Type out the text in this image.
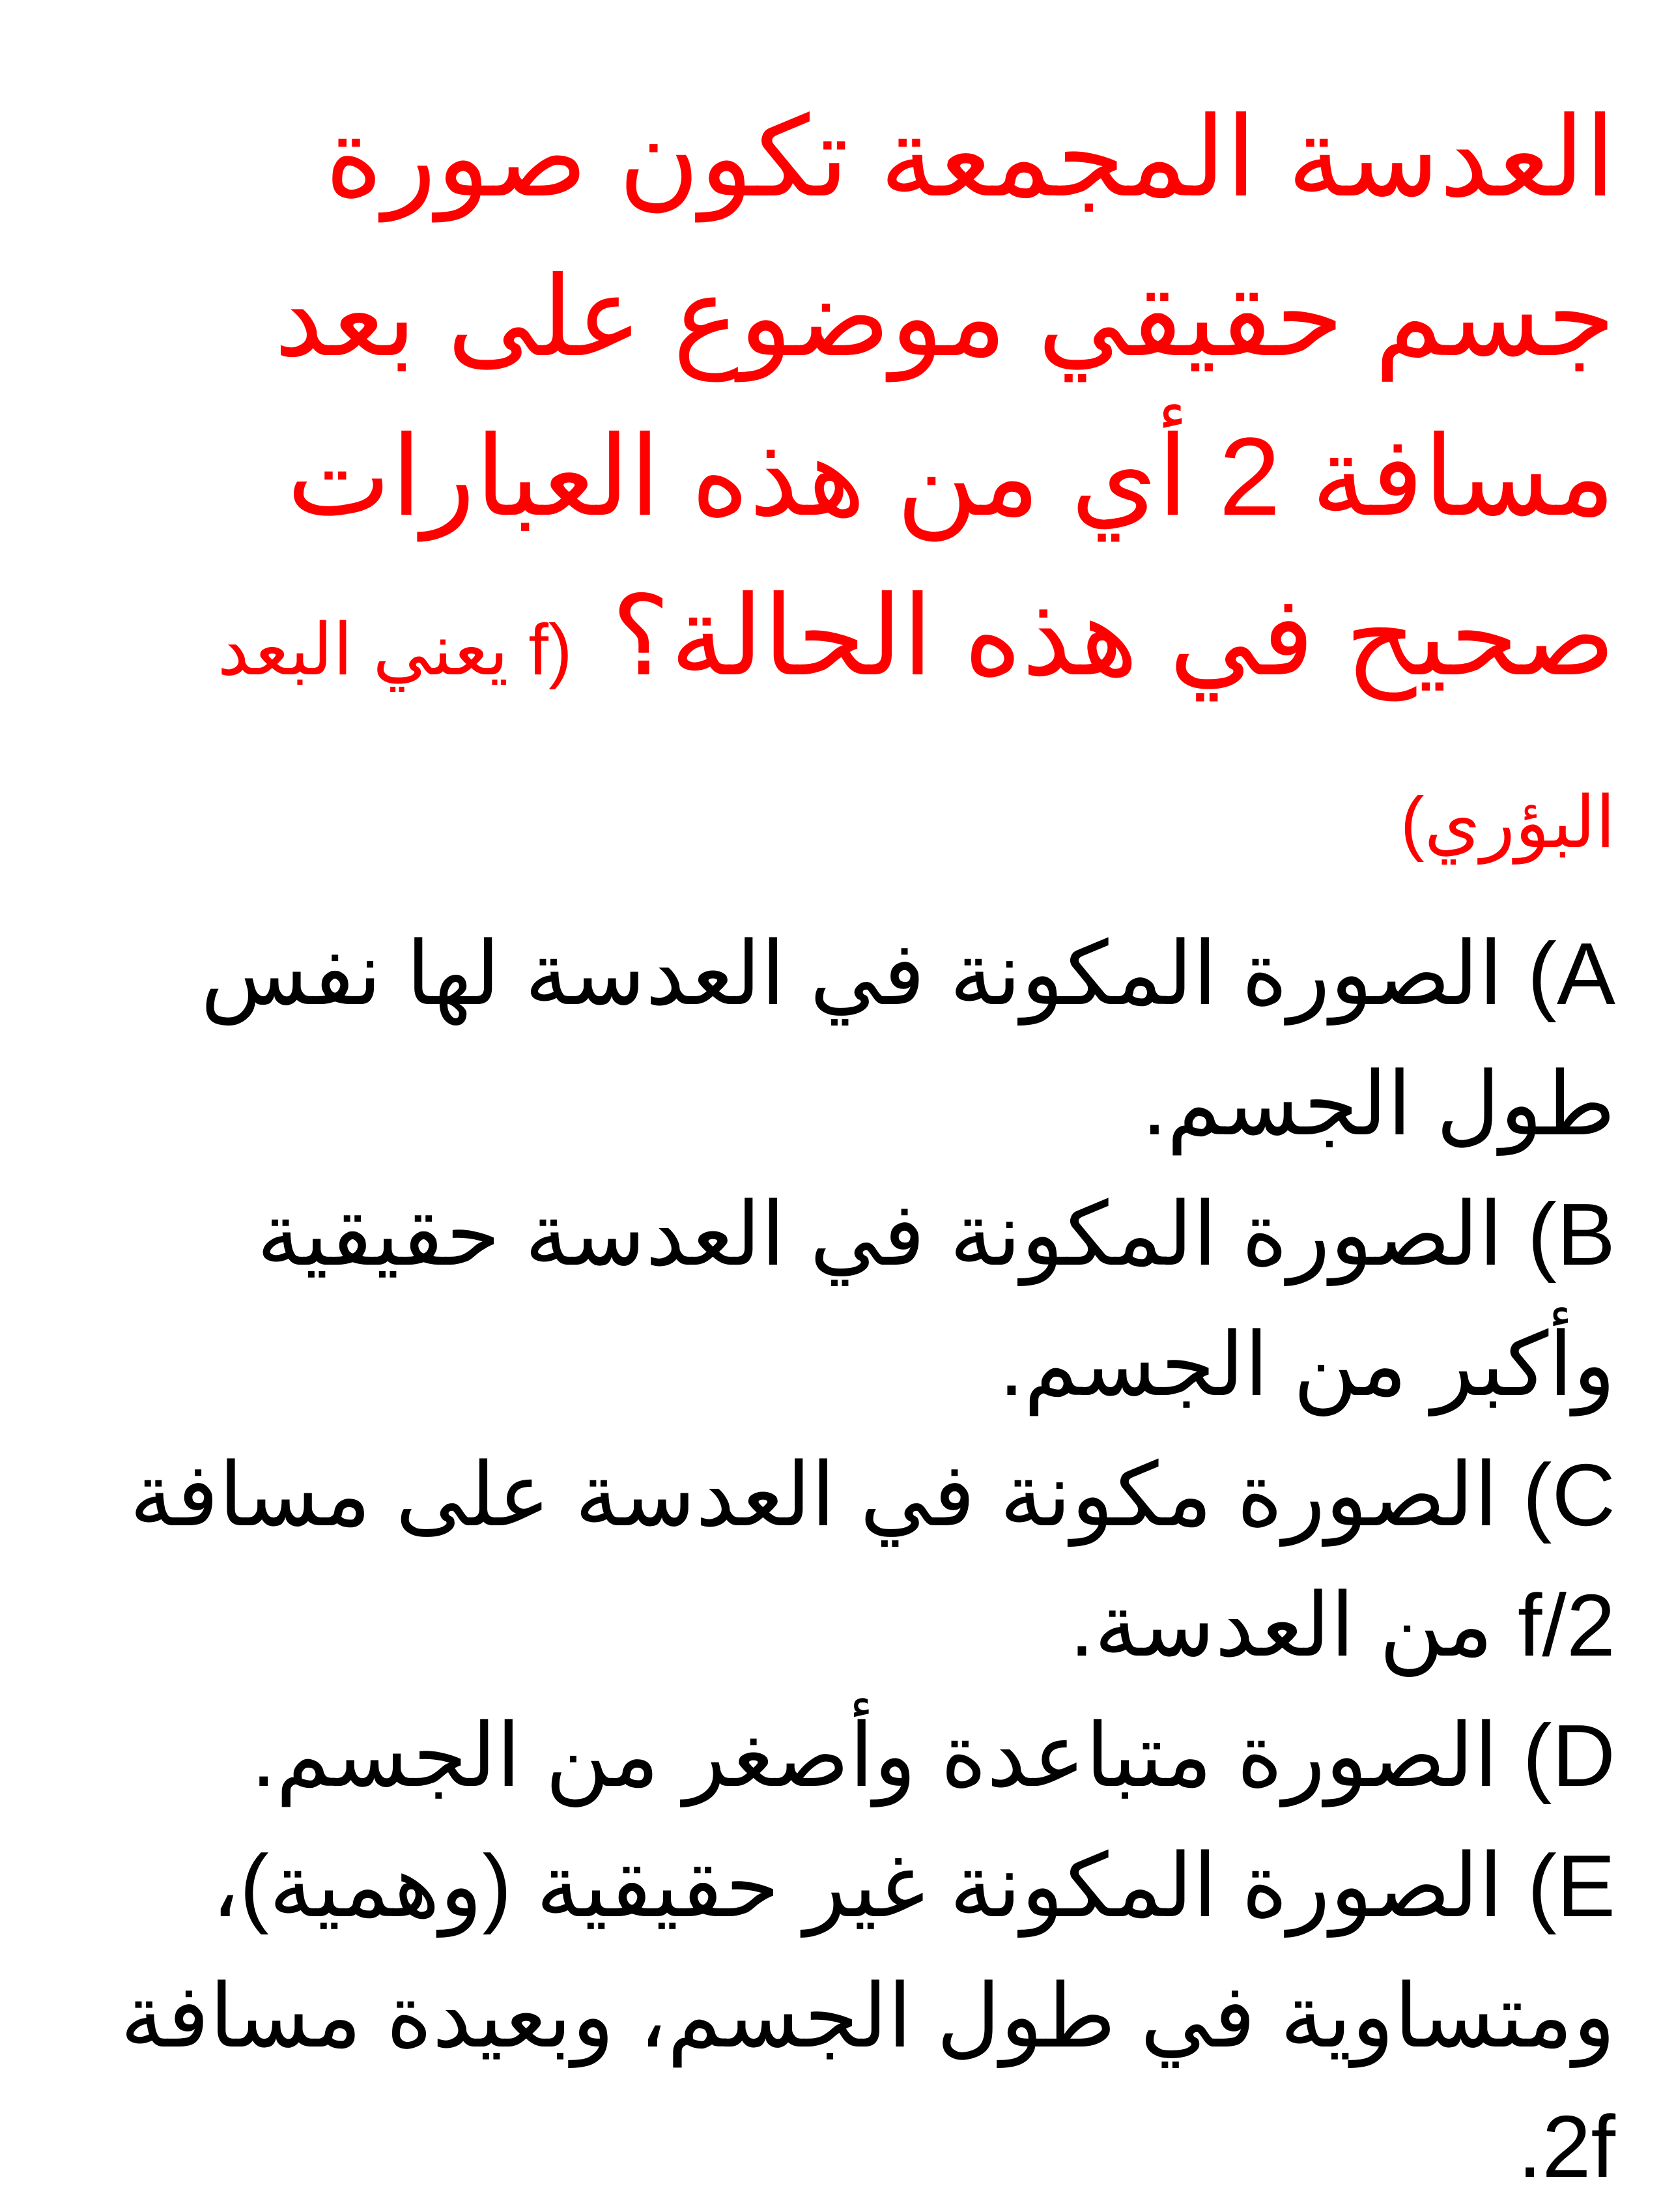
العدسة المجمعة تكون صورة جسم حقيقي موضوع على بعد مسافة 2 أي من هذه العبارات صحيح في هذه الحالة؟(f يعني البعد البؤري)

A) الصورة المكونة في العدسة لها نفس طول الجسم.

B) الصورة المكونة في العدسة حقيقية وأكبر من الجسم.

C) الصورة مكونة في العدسة على مسافة f/2 من العدسة.

D) الصورة متباعدة وأصغر من الجسم.

E) الصورة المكونة غير حقيقية (وهمية)، ومتساوية في طول الجسم، وبعيدة مسافة 2f.
